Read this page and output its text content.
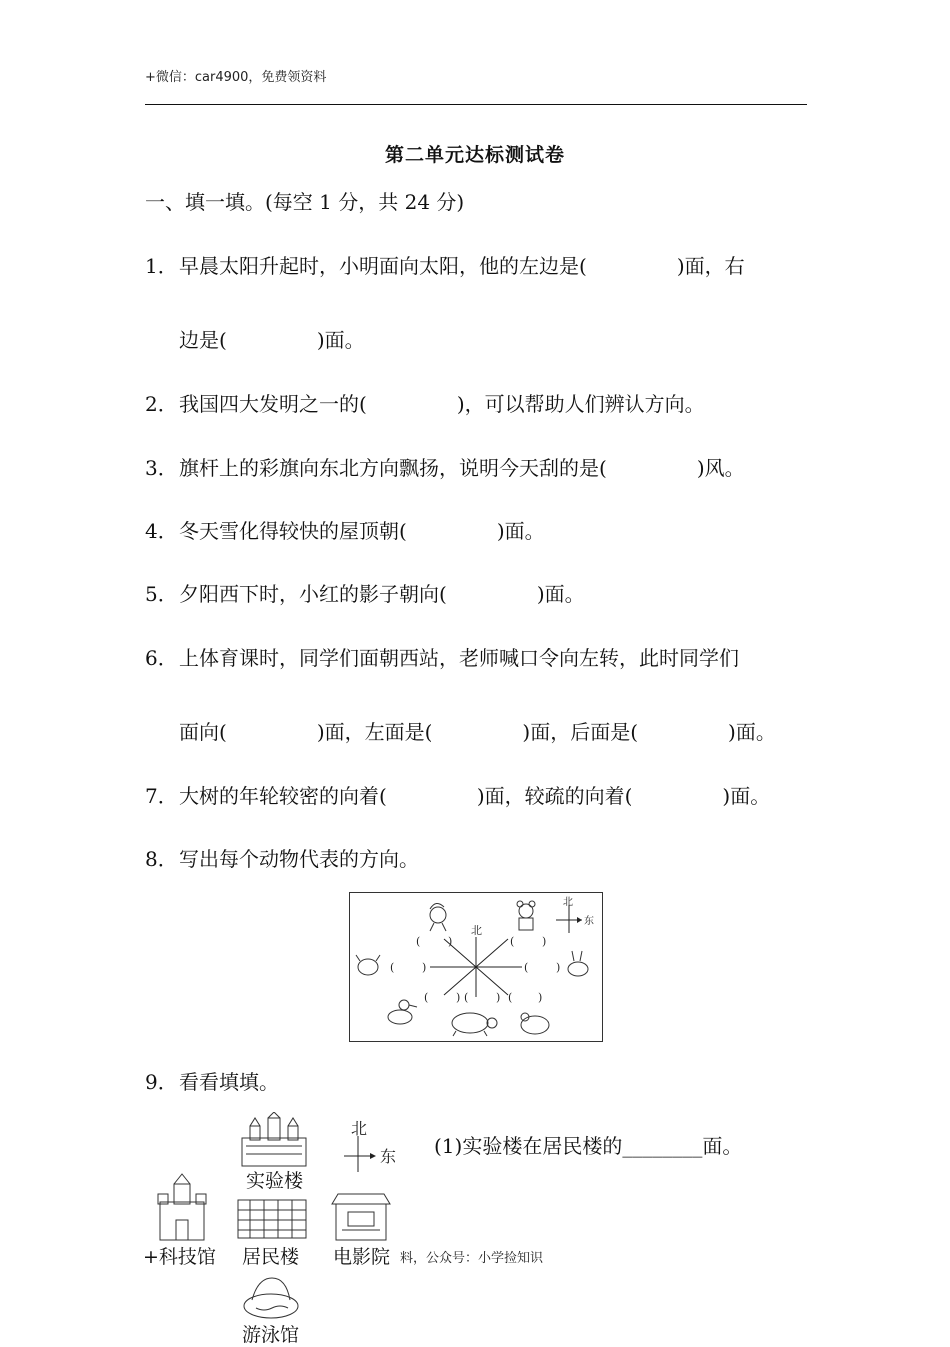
+微信：car4900，免费领资料
第二单元达标测试卷
一、填一填。(每空 1 分，共 24 分)
1．早晨太阳升起时，小明面向太阳，他的左边是(	)面，右
边是(	)面。
2．我国四大发明之一的(	)，可以帮助人们辨认方向。
3．旗杆上的彩旗向东北方向飘扬，说明今天刮的是(	)风。
4．冬天雪化得较快的屋顶朝(	)面。
5．夕阳西下时，小红的影子朝向(	)面。
6．上体育课时，同学们面朝西站，老师喊口令向左转，此时同学们
面向(	)面，左面是(	)面，后面是(	)面。
7．大树的年轮较密的向着(	)面，较疏的向着(	)面。
8．写出每个动物代表的方向。
北
北
东
(	)	(	)
(	)	(	)
(	) (	) ( )
9．看看填填。
实验楼
北
东 (1)实验楼在居民楼的________面。
+科技馆 居民楼 电影院 料，公众号：小学捡知识
游泳馆
